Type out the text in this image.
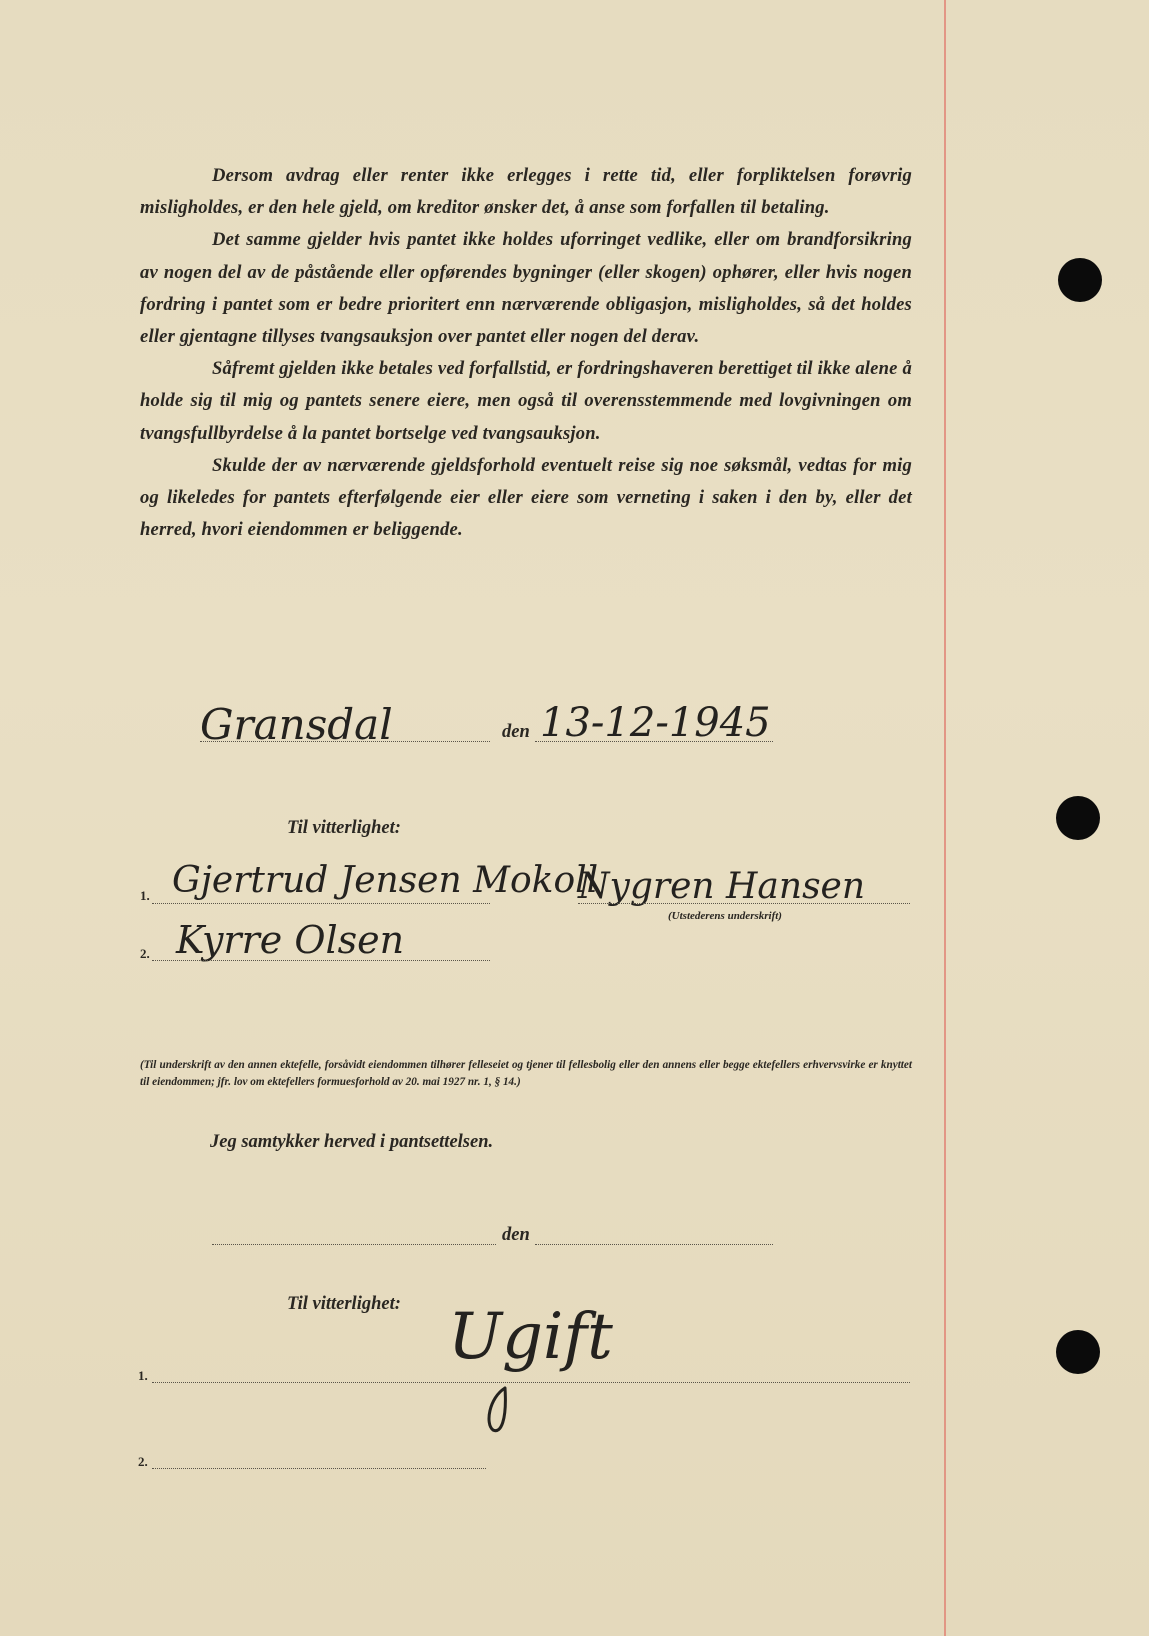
Dersom avdrag eller renter ikke erlegges i rette tid, eller forpliktelsen forøvrig misligholdes, er den hele gjeld, om kreditor ønsker det, å anse som forfallen til betaling.

Det samme gjelder hvis pantet ikke holdes uforringet vedlike, eller om brandforsikring av nogen del av de påstående eller opførendes bygninger (eller skogen) ophører, eller hvis nogen fordring i pantet som er bedre prioritert enn nærværende obligasjon, misligholdes, så det holdes eller gjentagne tillyses tvangsauksjon over pantet eller nogen del derav.

Såfremt gjelden ikke betales ved forfallstid, er fordringshaveren berettiget til ikke alene å holde sig til mig og pantets senere eiere, men også til overensstemmende med lovgivningen om tvangsfullbyrdelse å la pantet bortselge ved tvangsauksjon.

Skulde der av nærværende gjeldsforhold eventuelt reise sig noe søksmål, vedtas for mig og likeledes for pantets efterfølgende eier eller eiere som verneting i saken i den by, eller det herred, hvori eiendommen er beliggende.

Gransdal	den 13-12-1945
Til vitterlighet:
1. Gjertrud Jensen Mokoll
2. Kyrre Olsen
Nygren Hansen
(Utstederens underskrift)
(Til underskrift av den annen ektefelle, forsåvidt eiendommen tilhører felleseiet og tjener til fellesbolig eller den annens eller begge ektefellers erhvervsvirke er knyttet til eiendommen; jfr. lov om ektefellers formuesforhold av 20. mai 1927 nr. 1, § 14.)
Jeg samtykker herved i pantsettelsen.
den
Til vitterlighet: Ugift
1.
2.
